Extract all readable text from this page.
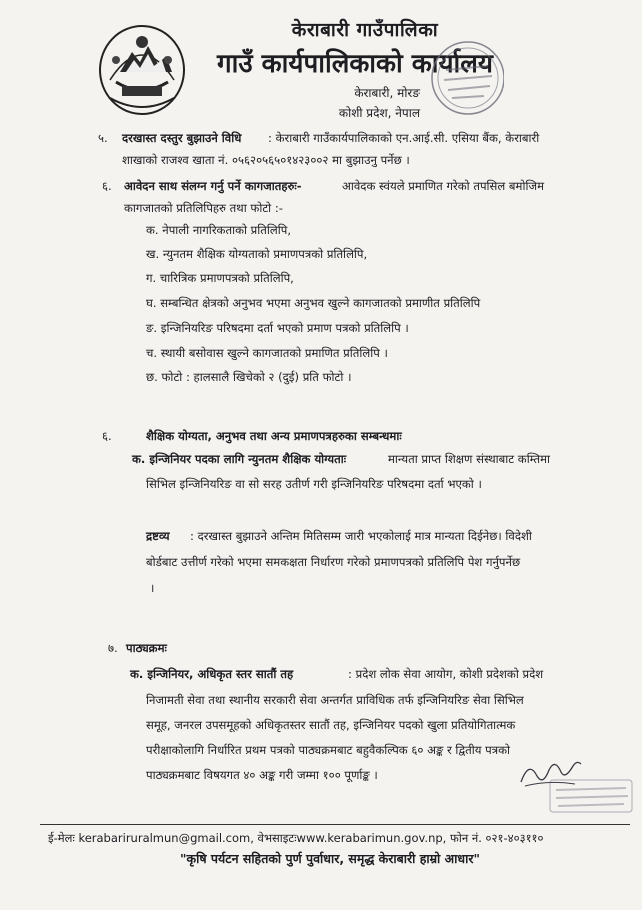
केराबारी गाउँपालिका
गाउँ कार्यपालिकाको कार्यालय
केराबारी, मोरङ
कोशी प्रदेश, नेपाल
५. दरखास्त दस्तुर बुझाउने विधि : केराबारी गाउँकार्यपालिकाको एन.आई.सी. एसिया बैंक, केराबारी
शाखाको राजश्व खाता नं. ०५६२०५६५०१४२३००२ मा बुझाउनु पर्नेछ ।
६. आवेदन साथ संलग्न गर्नु पर्ने कागजातहरुः-	आवेदक स्वंयले प्रमाणित गरेको तपसिल बमोजिम
कागजातको प्रतिलिपिहरु तथा फोटो :-
क. नेपाली नागरिकताको प्रतिलिपि,
ख. न्युनतम शैक्षिक योग्यताको प्रमाणपत्रको प्रतिलिपि,
ग. चारित्रिक प्रमाणपत्रको प्रतिलिपि,
घ. सम्बन्धित क्षेत्रको अनुभव भएमा अनुभव खुल्ने कागजातको प्रमाणीत प्रतिलिपि
ङ. इन्जिनियरिङ परिषदमा दर्ता भएको प्रमाण पत्रको प्रतिलिपि ।
च. स्थायी बसोवास खुल्ने कागजातको प्रमाणित प्रतिलिपि ।
छ. फोटो : हालसालै खिचेको २ (दुई) प्रति फोटो ।
६.	शैक्षिक योग्यता, अनुभव तथा अन्य प्रमाणपत्रहरुका सम्बन्धमाः
क. इन्जिनियर पदका लागि न्युनतम शैक्षिक योग्यताः	मान्यता प्राप्त शिक्षण संस्थाबाट कम्तिमा
सिभिल इन्जिनियरिङ वा सो सरह उतीर्ण गरी इन्जिनियरिङ परिषदमा दर्ता भएको ।
द्रष्टव्य : दरखास्त बुझाउने अन्तिम मितिसम्म जारी भएकोलाई मात्र मान्यता दिईनेछ। विदेशी
बोर्डबाट उत्तीर्ण गरेको भएमा समकक्षता निर्धारण गरेको प्रमाणपत्रको प्रतिलिपि पेश गर्नुपर्नेछ
।
७. पाठ्यक्रमः
क. इन्जिनियर, अधिकृत स्तर सातौं तह	: प्रदेश लोक सेवा आयोग, कोशी प्रदेशको प्रदेश
निजामती सेवा तथा स्थानीय सरकारी सेवा अन्तर्गत प्राविधिक तर्फ इन्जिनियरिङ सेवा सिभिल
समूह, जनरल उपसमूहको अधिकृतस्तर सातौं तह, इन्जिनियर पदको खुला प्रतियोगितात्मक
परीक्षाकोलागि निर्धारित प्रथम पत्रको पाठ्यक्रमबाट बहुवैकल्पिक ६० अङ्क र द्वितीय पत्रको
पाठ्यक्रमबाट विषयगत ४० अङ्क गरी जम्मा १०० पूर्णाङ्क ।
ई-मेलः kerabariruralmun@gmail.com, वेभसाइटःwww.kerabarimun.gov.np, फोन नं. ०२१-४०३११०
"कृषि पर्यटन सहितको पुर्ण पुर्वाधार, समृद्ध केराबारी हाम्रो आधार"
